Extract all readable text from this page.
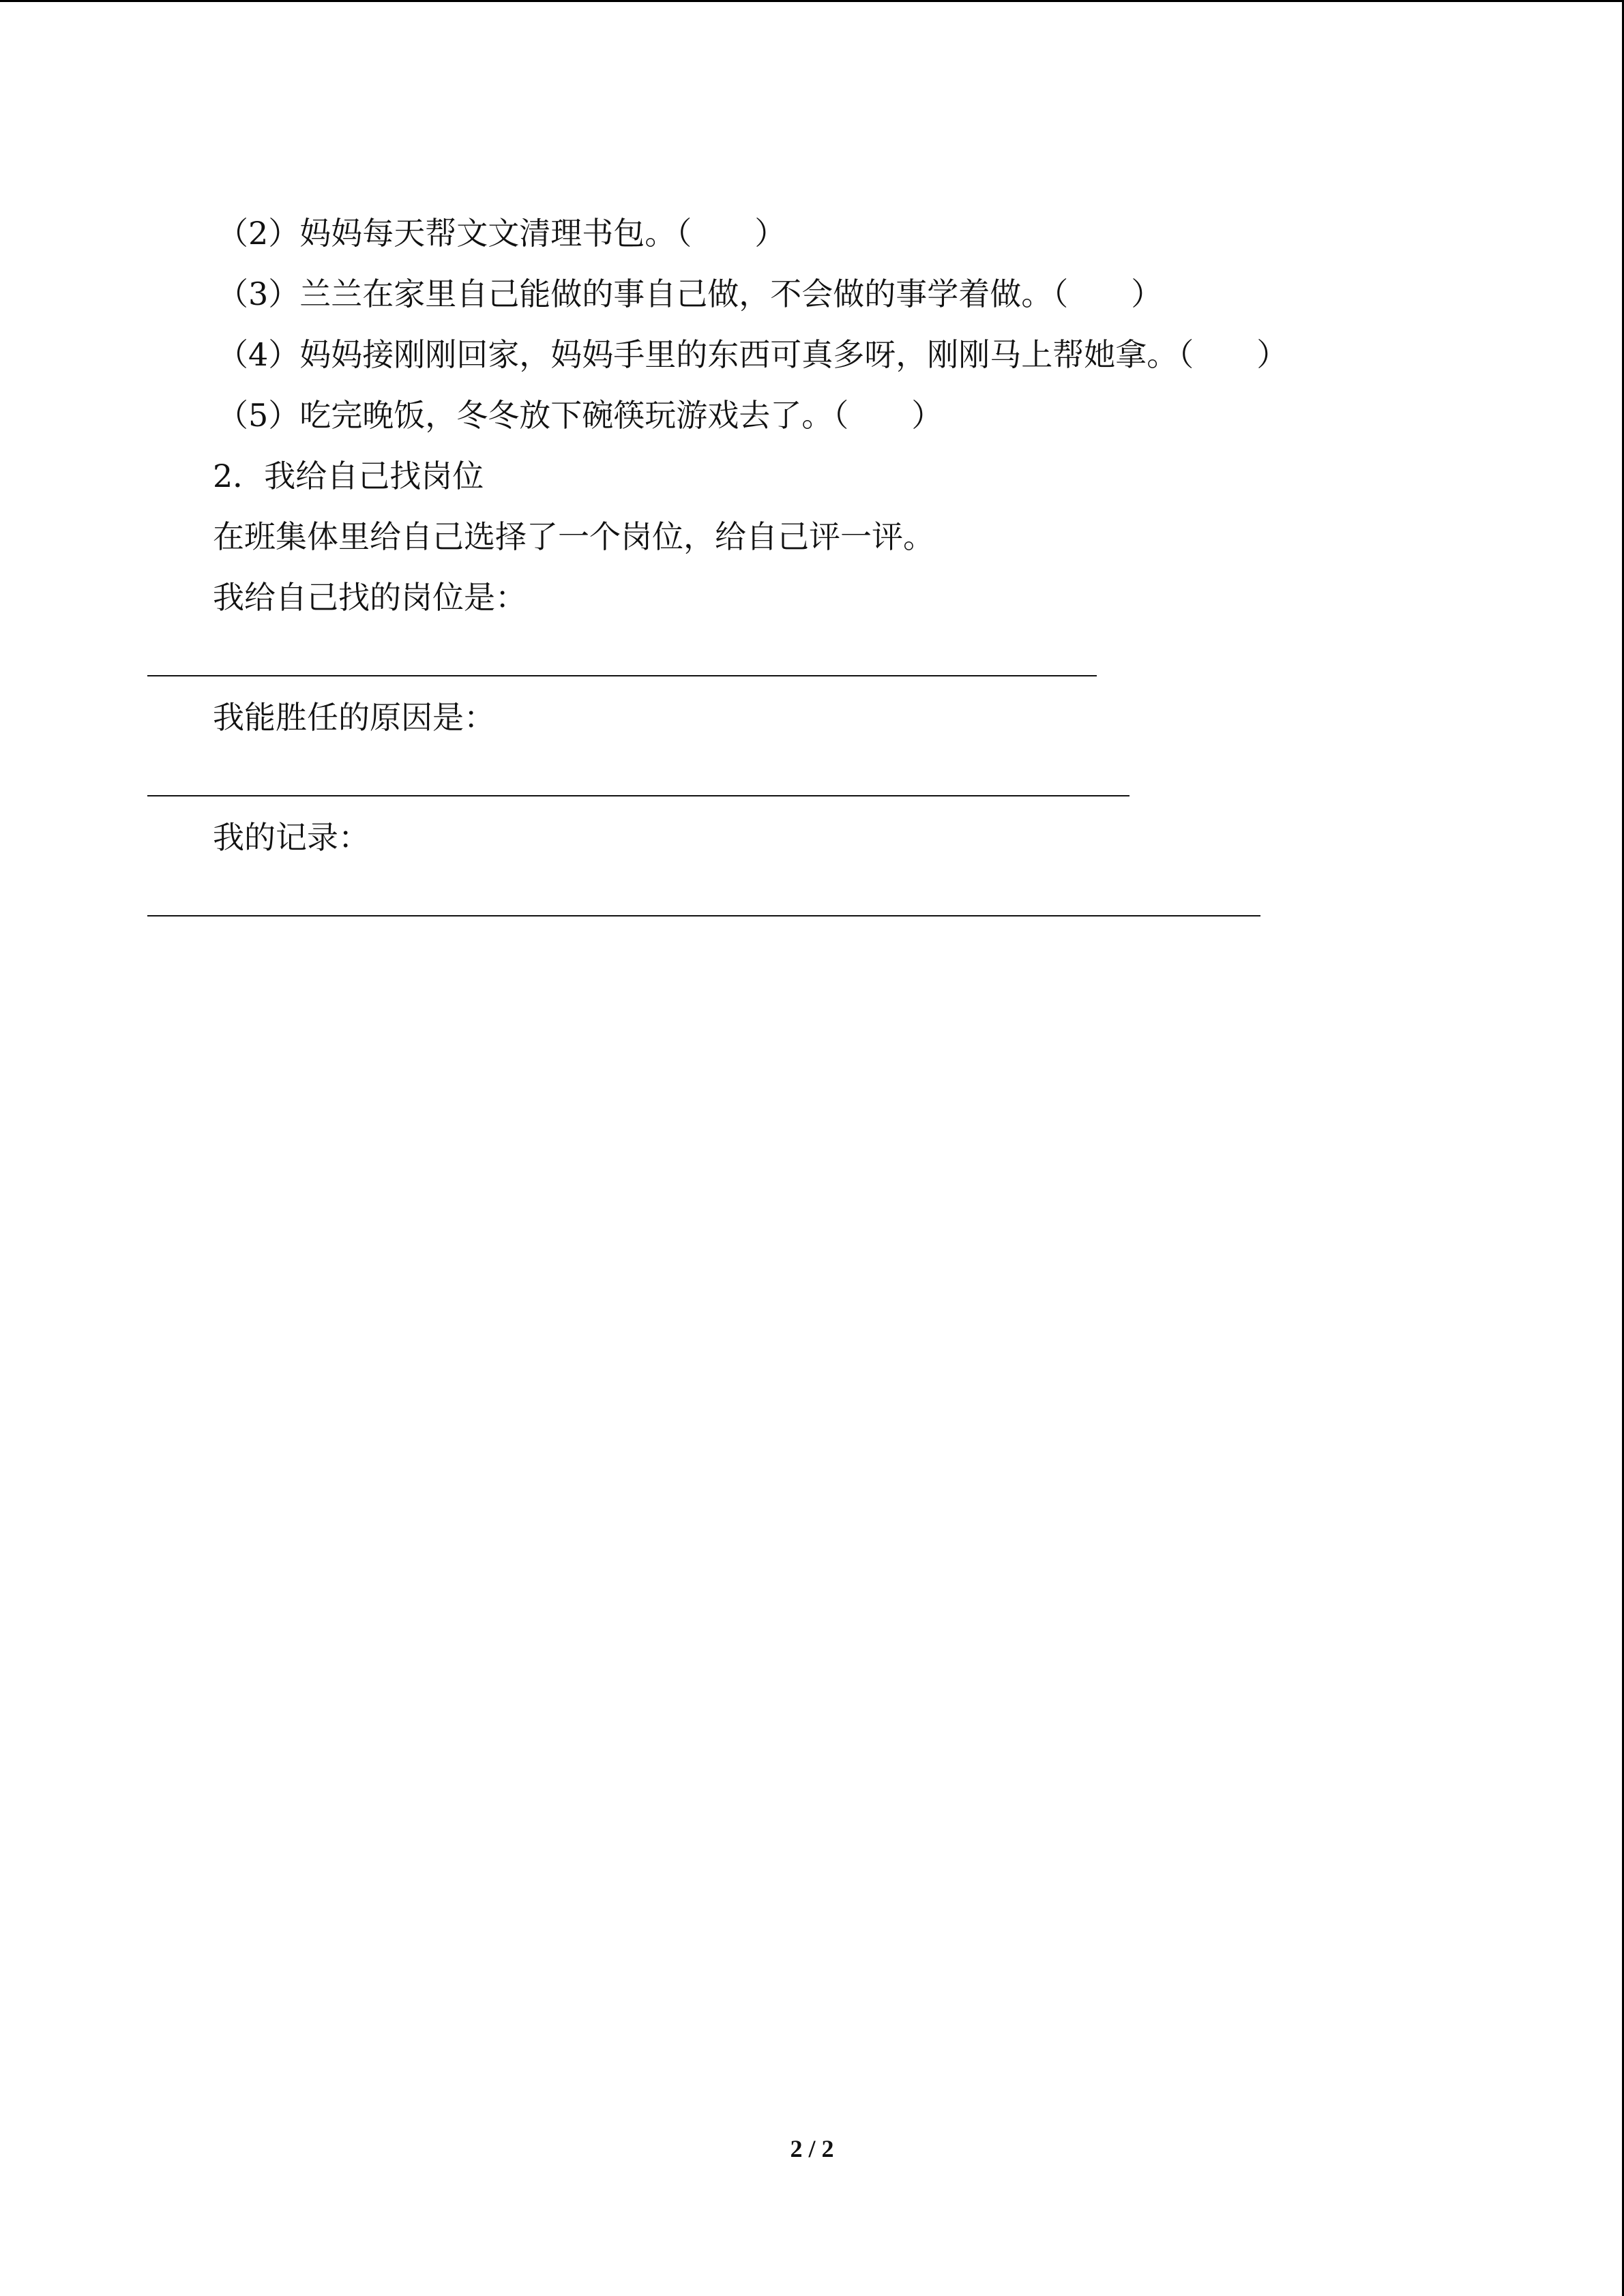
（2）妈妈每天帮文文清理书包。（　　）
（3）兰兰在家里自己能做的事自己做，不会做的事学着做。（　　）
（4）妈妈接刚刚回家，妈妈手里的东西可真多呀，刚刚马上帮她拿。（　　）
（5）吃完晚饭，冬冬放下碗筷玩游戏去了。（　　）
2．我给自己找岗位
在班集体里给自己选择了一个岗位，给自己评一评。
我给自己找的岗位是：
我能胜任的原因是：
我的记录：
2 / 2
